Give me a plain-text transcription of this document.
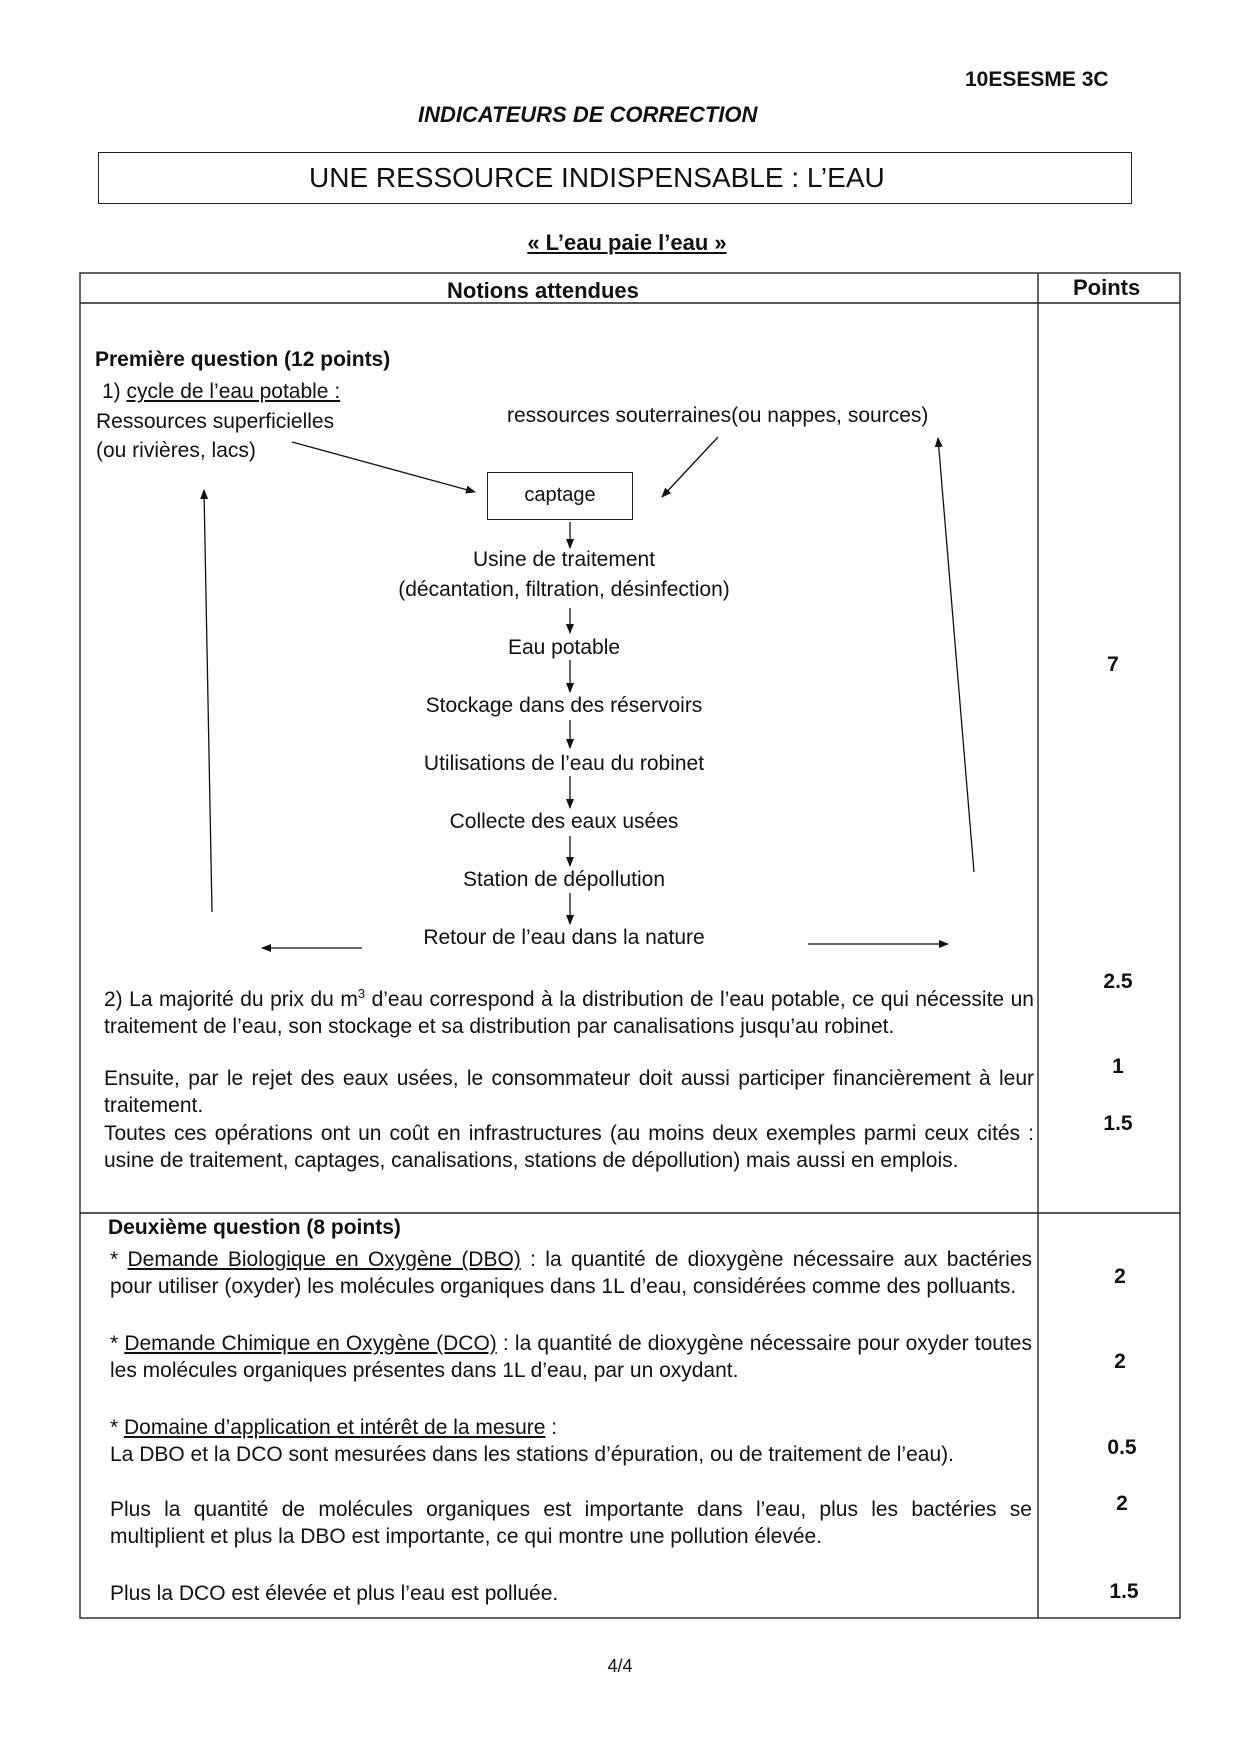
10ESESME 3C
INDICATEURS DE CORRECTION
UNE RESSOURCE INDISPENSABLE : L’EAU
« L’eau paie l’eau »
Notions attendues	Points
Première question (12 points)
1) cycle de l’eau potable :
Ressources superficielles
(ou rivières, lacs)
ressources souterraines(ou nappes, sources)
captage
Usine de traitement
(décantation, filtration, désinfection)
Eau potable
Stockage dans des réservoirs
Utilisations de l’eau du robinet
Collecte des eaux usées
Station de dépollution
Retour de l’eau dans la nature
7
2) La majorité du prix du $m^3$ d’eau correspond à la distribution de l’eau potable, ce qui nécessite un traitement de l’eau, son stockage et sa distribution par canalisations jusqu’au robinet.
Ensuite, par le rejet des eaux usées, le consommateur doit aussi participer financièrement à leur traitement.
Toutes ces opérations ont un coût en infrastructures (au moins deux exemples parmi ceux cités : usine de traitement, captages, canalisations, stations de dépollution) mais aussi en emplois.
2.5
1
1.5
Deuxième question (8 points)
* Demande Biologique en Oxygène (DBO) : la quantité de dioxygène nécessaire aux bactéries pour utiliser (oxyder) les molécules organiques dans 1L d’eau, considérées comme des polluants.
* Demande Chimique en Oxygène (DCO) : la quantité de dioxygène nécessaire pour oxyder toutes les molécules organiques présentes dans 1L d’eau, par un oxydant.
* Domaine d’application et intérêt de la mesure :
La DBO et la DCO sont mesurées dans les stations d’épuration, ou de traitement de l’eau).
Plus la quantité de molécules organiques est importante dans l’eau, plus les bactéries se multiplient et plus la DBO est importante, ce qui montre une pollution élevée.
Plus la DCO est élevée et plus l’eau est polluée.
2
2
0.5
2
1.5
4/4
